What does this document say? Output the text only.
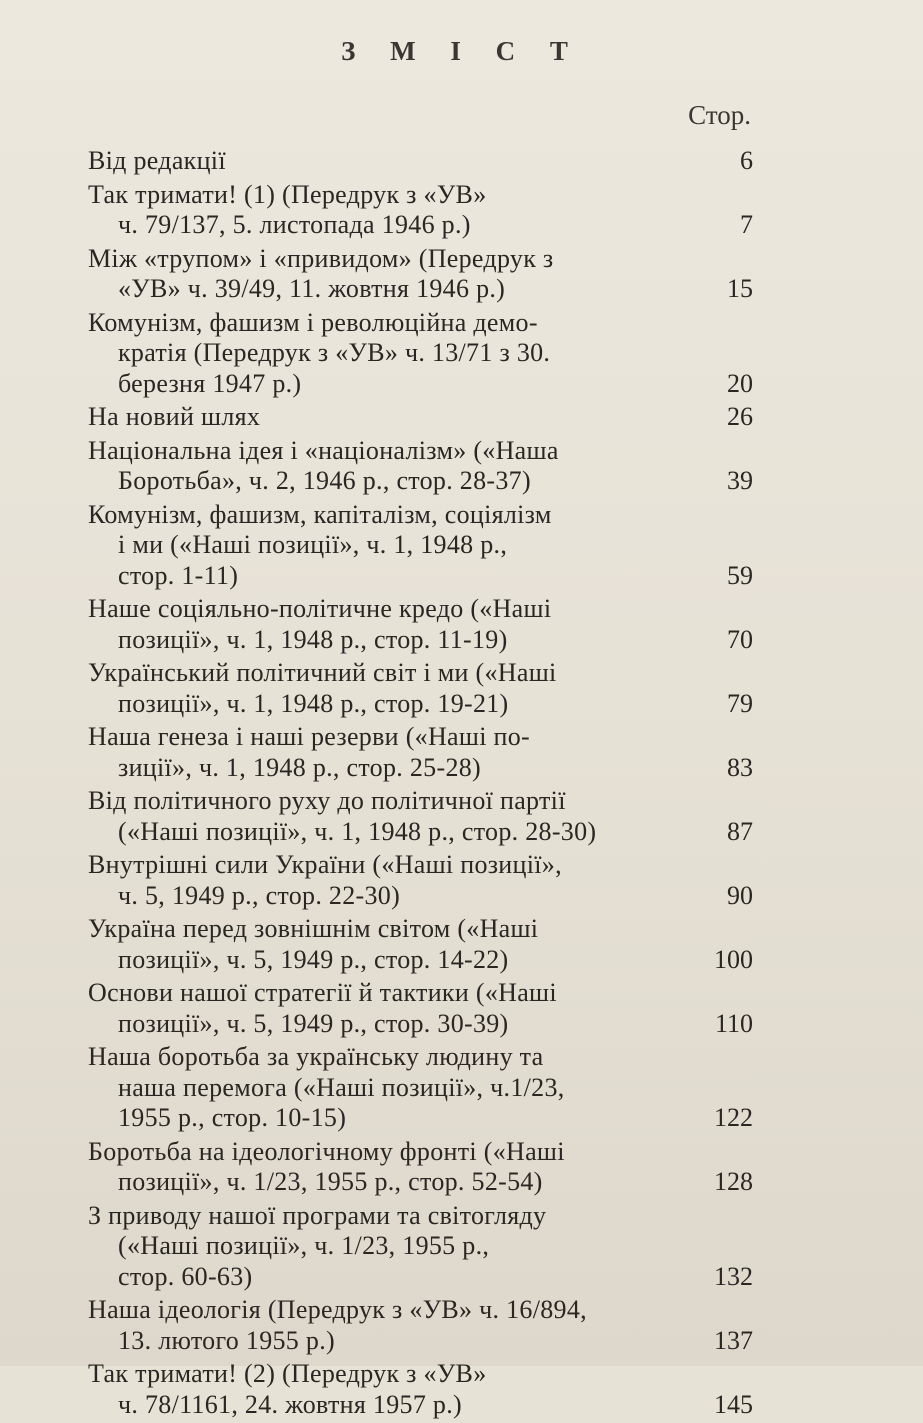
З М І С Т
Стор.
Від редакції	6
Так тримати! (1) (Передрук з «УВ»
ч. 79/137, 5. листопада 1946 р.)	7
Між «трупом» і «привидом» (Передрук з
«УВ» ч. 39/49, 11. жовтня 1946 р.)	15
Комунізм, фашизм і революційна демо-
кратія (Передрук з «УВ» ч. 13/71 з 30.
березня 1947 р.)	20
На новий шлях	26
Національна ідея і «націоналізм» («Наша
Боротьба», ч. 2, 1946 р., стор. 28-37)	39
Комунізм, фашизм, капіталізм, соціялізм
і ми («Наші позиції», ч. 1, 1948 р.,
стор. 1-11)	59
Наше соціяльно-політичне кредо («Наші
позиції», ч. 1, 1948 р., стор. 11-19)	70
Український політичний світ і ми («Наші
позиції», ч. 1, 1948 р., стор. 19-21)	79
Наша генеза і наші резерви («Наші по-
зиції», ч. 1, 1948 р., стор. 25-28)	83
Від політичного руху до політичної партії
(«Наші позиції», ч. 1, 1948 р., стор. 28-30)	87
Внутрішні сили України («Наші позиції»,
ч. 5, 1949 р., стор. 22-30)	90
Україна перед зовнішнім світом («Наші
позиції», ч. 5, 1949 р., стор. 14-22)	100
Основи нашої стратегії й тактики («Наші
позиції», ч. 5, 1949 р., стор. 30-39)	110
Наша боротьба за українську людину та
наша перемога («Наші позиції», ч.1/23,
1955 р., стор. 10-15)	122
Боротьба на ідеологічному фронті («Наші
позиції», ч. 1/23, 1955 р., стор. 52-54)	128
З приводу нашої програми та світогляду
(«Наші позиції», ч. 1/23, 1955 р.,
стор. 60-63)	132
Наша ідеологія (Передрук з «УВ» ч. 16/894,
13. лютого 1955 р.)	137
Так тримати! (2) (Передрук з «УВ»
ч. 78/1161, 24. жовтня 1957 р.)	145
